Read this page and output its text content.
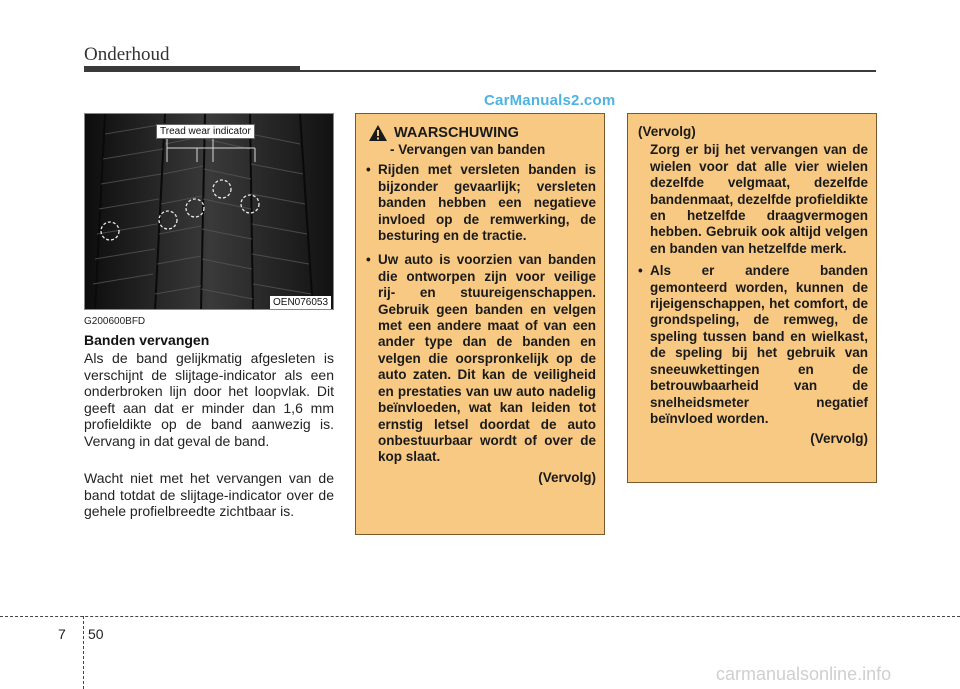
Onderhoud
CarManuals2.com
Tread wear indicator
OEN076053
G200600BFD
Banden vervangen
Als de band gelijkmatig afgesleten is verschijnt de slijtage-indicator als een onderbroken lijn door het loopvlak. Dit geeft aan dat er minder dan 1,6 mm profieldikte op de band aanwezig is. Vervang in dat geval de band.
Wacht niet met het vervangen van de band totdat de slijtage-indicator over de gehele profielbreedte zichtbaar is.
WAARSCHUWING
- Vervangen van banden
• Rijden met versleten banden is bijzonder gevaarlijk; versleten banden hebben een negatieve invloed op de remwerking, de besturing en de tractie.
• Uw auto is voorzien van banden die ontworpen zijn voor veilige rij- en stuureigenschappen. Gebruik geen banden en velgen met een andere maat of van een ander type dan de banden en velgen die oorspronkelijk op de auto zaten. Dit kan de veiligheid en prestaties van uw auto nadelig beïnvloeden, wat kan leiden tot ernstig letsel doordat de auto onbestuurbaar wordt of over de kop slaat.
(Vervolg)
(Vervolg)
Zorg er bij het vervangen van de wielen voor dat alle vier wielen dezelfde velgmaat, dezelfde bandenmaat, dezelfde profieldikte en hetzelfde draagvermogen hebben. Gebruik ook altijd velgen en banden van hetzelfde merk.
• Als er andere banden gemonteerd worden, kunnen de rijeigenschappen, het comfort, de grondspeling, de remweg, de speling tussen band en wielkast, de speling bij het gebruik van sneeuwkettingen en de betrouwbaarheid van de snelheidsmeter negatief beïnvloed worden.
(Vervolg)
7 50
carmanualsonline.info
